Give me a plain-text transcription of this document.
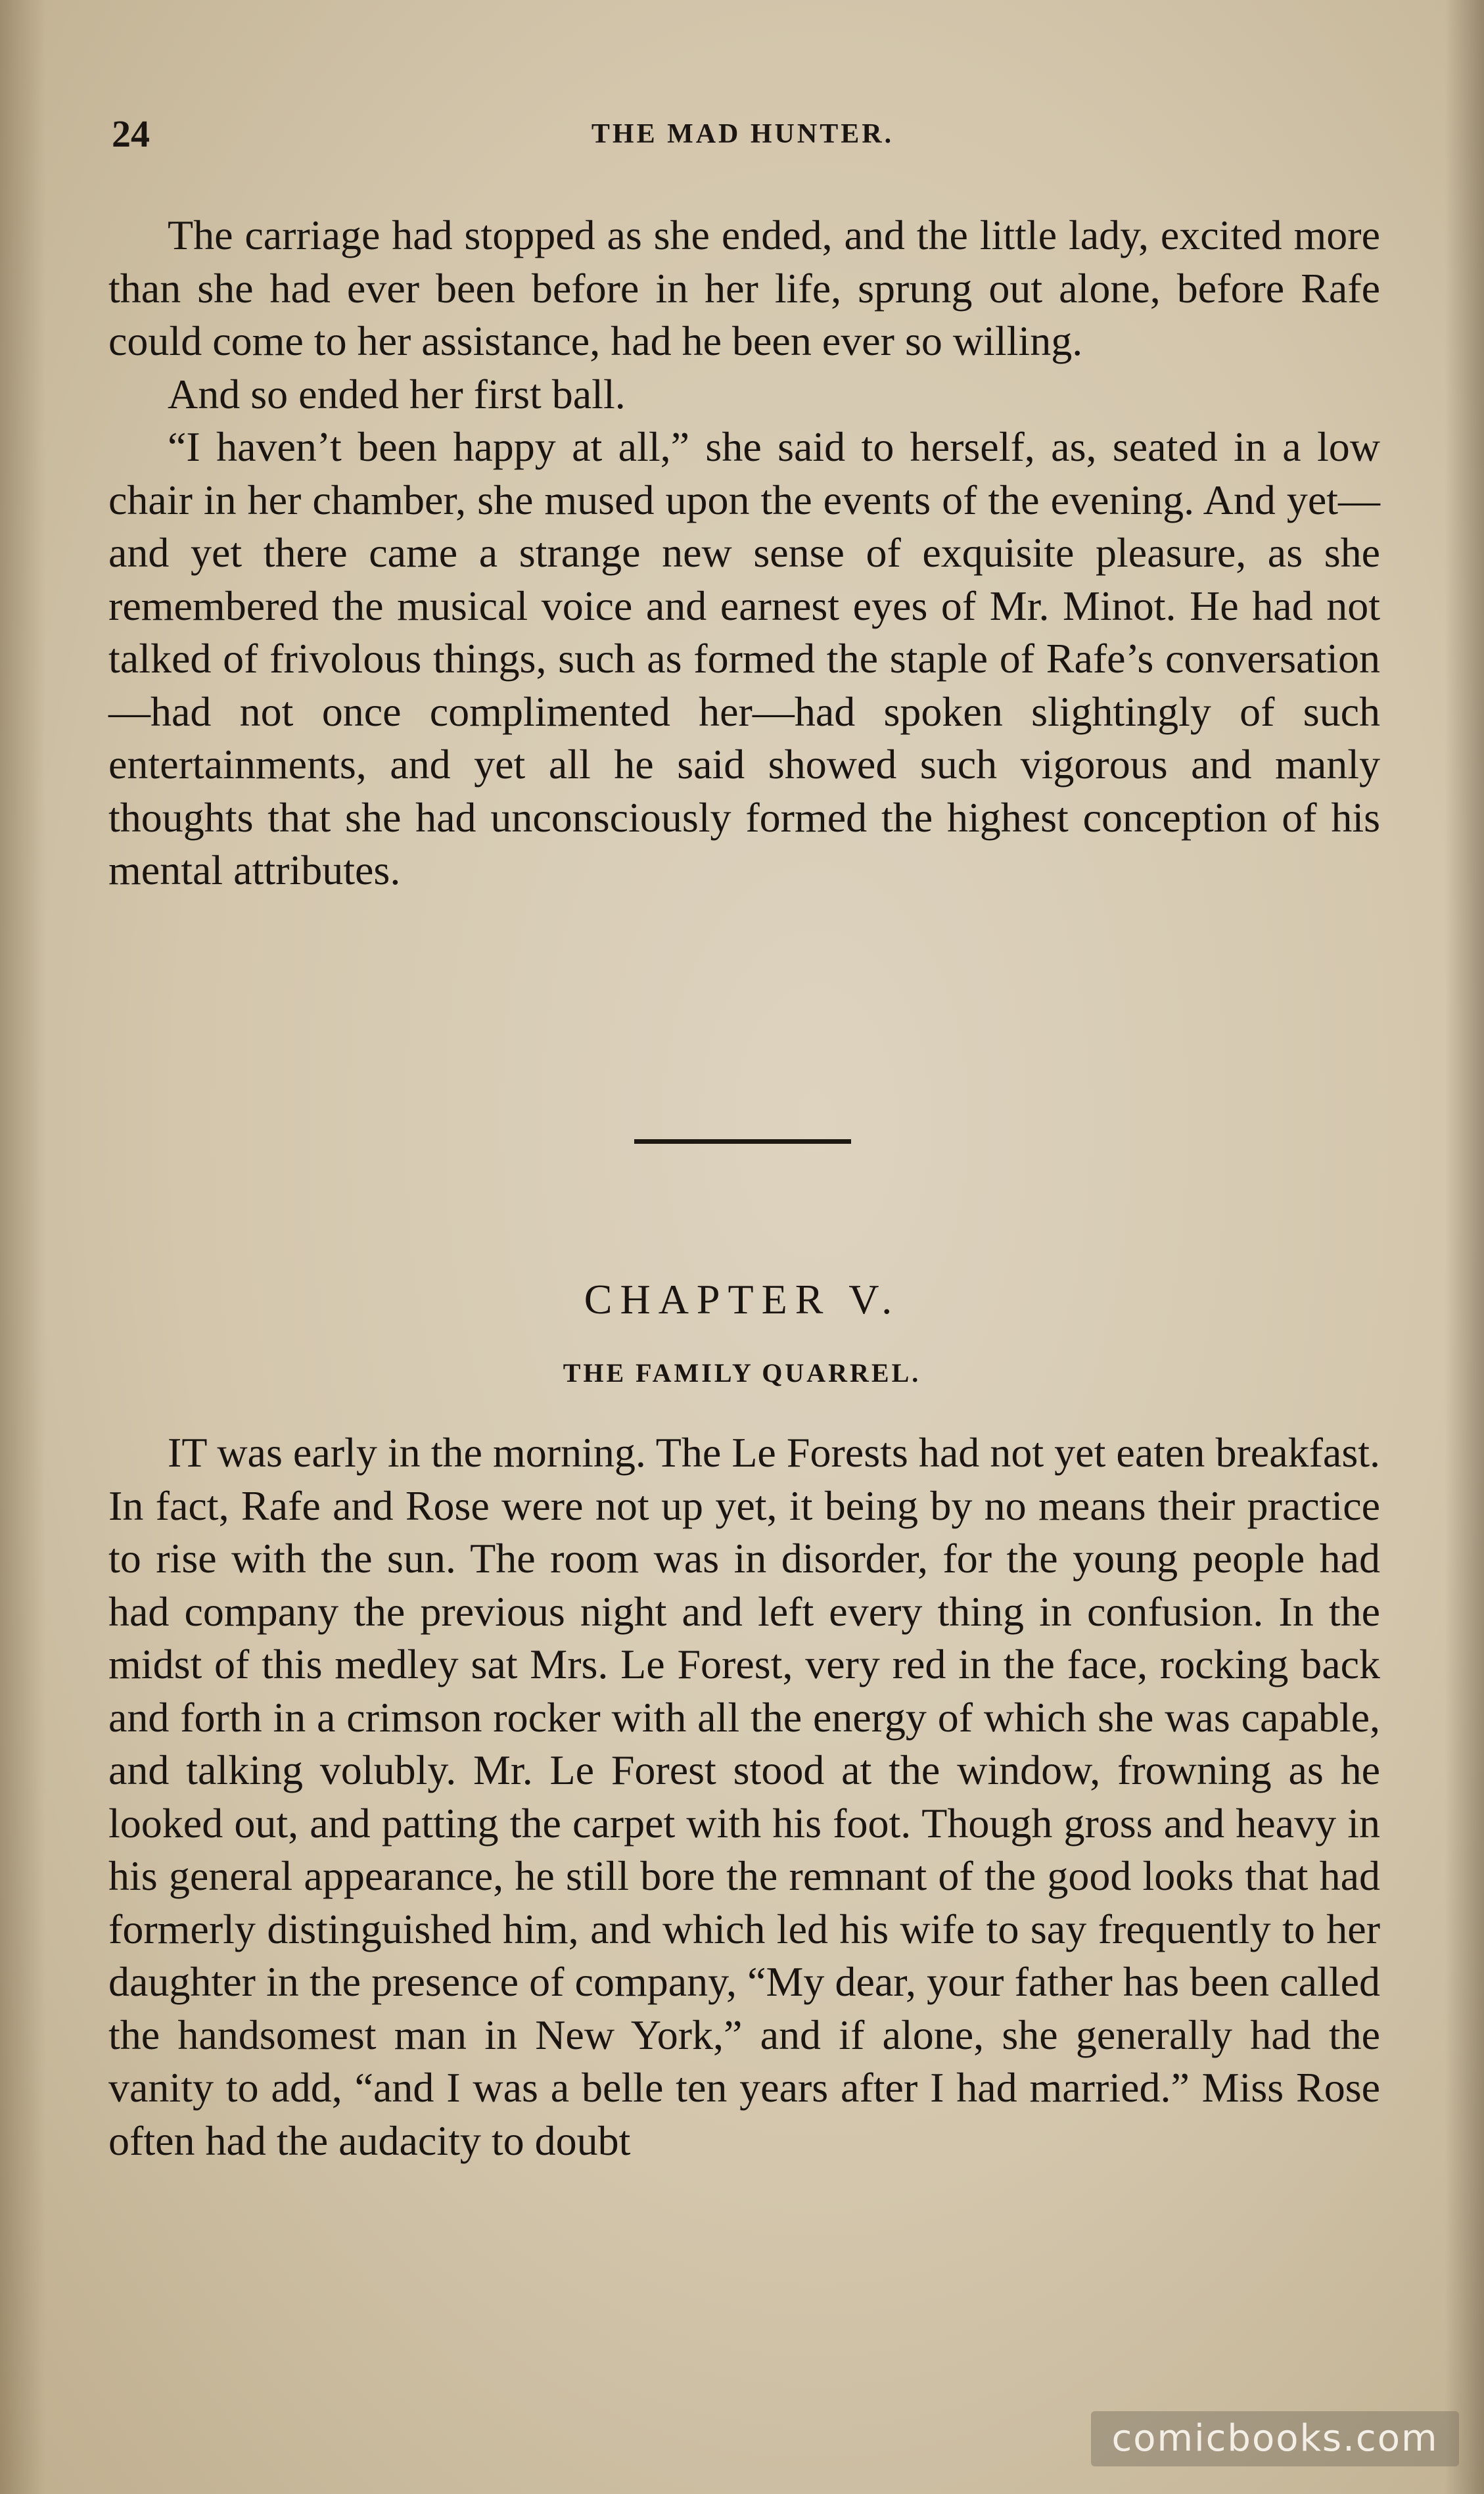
24	THE MAD HUNTER.

The carriage had stopped as she ended, and the little lady, excited more than she had ever been before in her life, sprung out alone, before Rafe could come to her assistance, had he been ever so willing.

And so ended her first ball.

“I haven’t been happy at all,” she said to herself, as, seated in a low chair in her chamber, she mused upon the events of the evening. And yet—and yet there came a strange new sense of exquisite pleasure, as she remembered the musical voice and earnest eyes of Mr. Minot. He had not talked of frivolous things, such as formed the staple of Rafe’s conversation—had not once complimented her—had spoken slightingly of such entertainments, and yet all he said showed such vigorous and manly thoughts that she had unconsciously formed the highest conception of his mental attributes.

CHAPTER V.
THE FAMILY QUARREL.

IT was early in the morning. The Le Forests had not yet eaten breakfast. In fact, Rafe and Rose were not up yet, it being by no means their practice to rise with the sun. The room was in disorder, for the young people had had company the previous night and left every thing in confusion. In the midst of this medley sat Mrs. Le Forest, very red in the face, rocking back and forth in a crimson rocker with all the energy of which she was capable, and talking volubly. Mr. Le Forest stood at the window, frowning as he looked out, and patting the carpet with his foot. Though gross and heavy in his general appearance, he still bore the remnant of the good looks that had formerly distinguished him, and which led his wife to say frequently to her daughter in the presence of company, “My dear, your father has been called the handsomest man in New York,” and if alone, she generally had the vanity to add, “and I was a belle ten years after I had married.” Miss Rose often had the audacity to doubt

comicbooks.com
